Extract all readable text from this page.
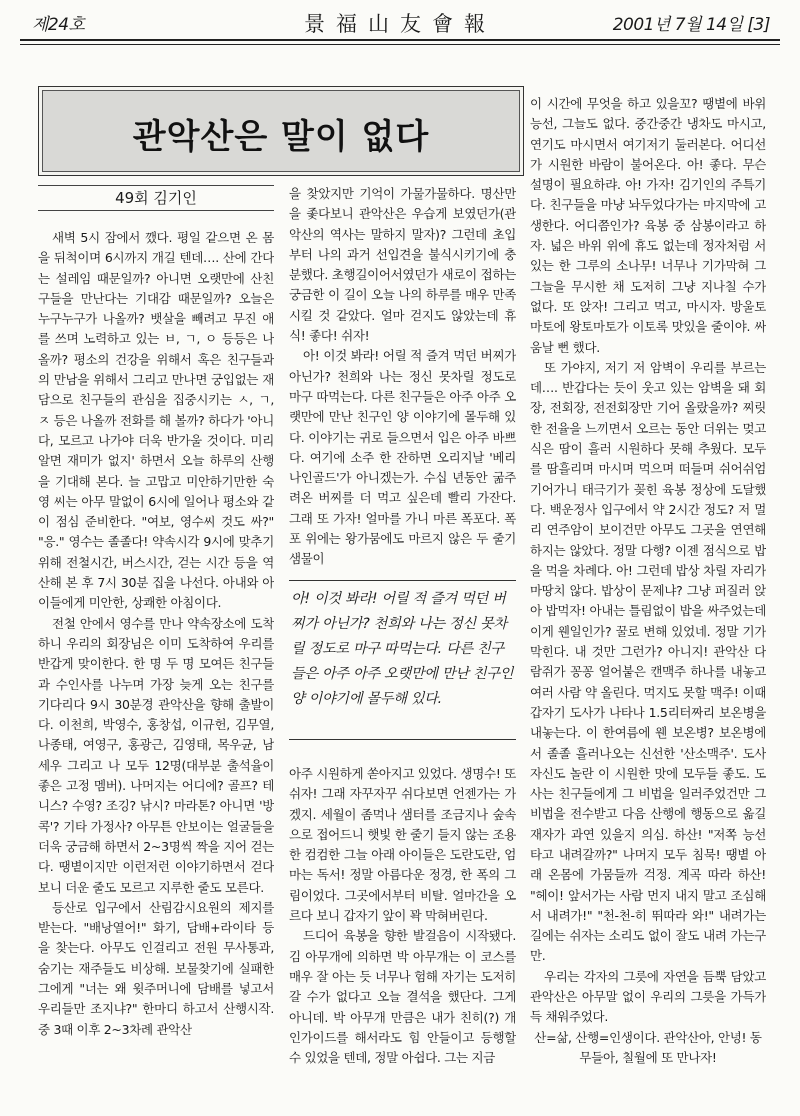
제24호	景福山友會報	2001년 7월 14일 [3]
관악산은 말이 없다
49회 김기인

새벽 5시 잠에서 깼다. 평일 같으면 온 몸을 뒤척이며 6시까지 개길 텐데…. 산에 간다는 설레임 때문일까? 아니면 오랫만에 산친구들을 만난다는 기대감 때문일까? 오늘은 누구누구가 나올까? 뱃살을 빼려고 무진 애를 쓰며 노력하고 있는 ㅂ, ㄱ, ㅇ 등등은 나올까? 평소의 건강을 위해서 혹은 친구들과의 만남을 위해서 그리고 만나면 궁입없는 재담으로 친구들의 관심을 집중시키는 ㅅ, ㄱ, ㅈ 등은 나올까 전화를 해 볼까? 하다가 '아니다, 모르고 나가야 더욱 반가울 것이다. 미리알면 재미가 없지' 하면서 오늘 하루의 산행을 기대해 본다. 늘 고맙고 미안하기만한 숙영 씨는 아무 말없이 6시에 일어나 평소와 같이 점심 준비한다. "여보, 영수씨 것도 싸?" "응." 영수는 졸졸다! 약속시각 9시에 맞추기 위해 전철시간, 버스시간, 걷는 시간 등을 역산해 본 후 7시 30분 집을 나선다. 아내와 아이들에게 미안한, 상쾌한 아침이다.

전철 안에서 영수를 만나 약속장소에 도착하니 우리의 회장님은 이미 도착하여 우리를 반갑게 맞이한다. 한 명 두 명 모여든 친구들과 수인사를 나누며 가장 늦게 오는 친구를 기다리다 9시 30분경 관악산을 향해 출발이다. 이천희, 박영수, 홍창섭, 이규헌, 김무열, 나종태, 여영구, 홍광근, 김영태, 목우균, 남세우 그리고 나 모두 12명(대부분 출석율이 좋은 고정 멤버). 나머지는 어디에? 골프? 테니스? 수영? 조깅? 낚시? 마라톤? 아니면 '방콕'? 기타 가정사? 아무튼 안보이는 얼굴들을 더욱 궁금해 하면서 2~3명씩 짝을 지어 걷는다. 땡볕이지만 이런저런 이야기하면서 걷다보니 더운 줄도 모르고 지루한 줄도 모른다.

등산로 입구에서 산림감시요원의 제지를 받는다. "배낭열어!" 화기, 담배+라이타 등을 찾는다. 아무도 인걸리고 전원 무사통과, 숨기는 재주들도 비상해. 보물찾기에 실패한 그에게 "너는 왜 윗주머니에 담배를 넣고서 우리들만 조지냐?" 한마디 하고서 산행시작. 중 3때 이후 2~3차례 관악산

을 찾았지만 기억이 가물가물하다. 명산만을 좇다보니 관악산은 우습게 보였던가(관악산의 역사는 말하지 말자)? 그런데 초입부터 나의 과거 선입견을 불식시키기에 충분했다. 초행길이어서였던가 새로이 접하는 궁금한 이 길이 오늘 나의 하루를 매우 만족시킬 것 같았다. 얼마 걷지도 않았는데 휴식! 좋다! 쉬자!

아! 이것 봐라! 어릴 적 즐겨 먹던 버찌가 아닌가? 천희와 나는 정신 못차릴 정도로 마구 따먹는다. 다른 친구들은 아주 아주 오랫만에 만난 친구인 양 이야기에 몰두해 있다. 이야기는 귀로 들으면서 입은 아주 바쁘다. 여기에 소주 한 잔하면 오리지날 '베리나인골드'가 아니겠는가. 수십 년동안 굶주려온 버찌를 더 먹고 싶은데 빨리 가잔다. 그래 또 가자! 얼마를 가니 마른 폭포다. 폭포 위에는 왕가뭄에도 마르지 않은 두 줄기 샘물이

아! 이것 봐라! 어릴 적 즐겨 먹던 버찌가 아닌가? 천희와 나는 정신 못차릴 정도로 마구 따먹는다. 다른 친구들은 아주 아주 오랫만에 만난 친구인 양 이야기에 몰두해 있다.

아주 시원하게 쏟아지고 있었다. 생명수! 또 쉬자! 그래 자꾸자꾸 쉬다보면 언젠가는 가겠지. 세월이 좀먹나 샘터를 조금지나 숲속으로 접어드니 햇빛 한 줄기 들지 않는 조용한 컴컴한 그늘 아래 아이들은 도란도란, 엄마는 독서! 정말 아름다운 정경, 한 폭의 그림이었다. 그곳에서부터 비탈. 얼마간을 오르다 보니 갑자기 앞이 꽉 막혀버린다.

드디어 육봉을 향한 발걸음이 시작됐다. 김 아무개에 의하면 박 아무개는 이 코스를 매우 잘 아는 듯 너무나 험해 자기는 도저히 갈 수가 없다고 오늘 결석을 했단다. 그게 아니데. 박 아무개 만큼은 내가 친히(?) 개인가이드를 해서라도 힘 안들이고 등행할 수 있었을 텐데, 정말 아쉽다. 그는 지금

이 시간에 무엇을 하고 있을꼬? 땡볕에 바위능선, 그늘도 없다. 중간중간 냉차도 마시고, 연기도 마시면서 여기저기 둘러본다. 어디선가 시원한 바람이 불어온다. 아! 좋다. 무슨 설명이 필요하랴. 아! 가자! 김기인의 주특기다. 친구들을 마냥 놔두었다가는 마지막에 고생한다. 어디쯤인가? 육봉 중 삼봉이라고 하자. 넓은 바위 위에 휴도 없는데 정자처럼 서 있는 한 그루의 소나무! 너무나 기가막혀 그 그늘을 무시한 채 도저히 그냥 지나칠 수가 없다. 또 앉자! 그리고 먹고, 마시자. 방울토마토에 왕토마토가 이토록 맛있을 줄이야. 싸움날 뻔 했다.

또 가야지, 저기 저 암벽이 우리를 부르는데…. 반갑다는 듯이 웃고 있는 암벽을 돼 회장, 전회장, 전전회장만 기어 올랐을까? 찌릿한 전율을 느끼면서 오르는 동안 더위는 멎고 식은 땀이 흘러 시원하다 못해 추웠다. 모두를 땀흘리며 마시며 먹으며 떠들며 쉬어쉬엄 기어가니 태극기가 꽂힌 육봉 정상에 도달했다. 백운정사 입구에서 약 2시간 정도? 저 멀리 연주암이 보이건만 아무도 그곳을 연연해 하지는 않았다. 정말 다행? 이젠 점식으로 밥을 먹을 차례다. 아! 그런데 밥상 차릴 자리가 마땅치 않다. 밥상이 문제냐? 그냥 퍼질러 앉아 밥먹자! 아내는 틀림없이 밥을 싸주었는데 이게 웬일인가? 꿀로 변해 있었네. 정말 기가막힌다. 내 것만 그런가? 아니지! 관악산 다람쥐가 꽁꽁 얼어붙은 캔맥주 하나를 내놓고 여러 사람 약 올린다. 먹지도 못할 맥주! 이때 갑자기 도사가 나타나 1.5리터짜리 보온병을 내놓는다. 이 한여름에 웬 보온병? 보온병에서 졸졸 흘러나오는 신선한 '산소맥주'. 도사 자신도 놀란 이 시원한 맛에 모두들 좋도. 도사는 친구들에게 그 비법을 일러주었건만 그 비법을 전수받고 다음 산행에 행동으로 옮길 재자가 과연 있을지 의심. 하산! "저쪽 능선타고 내려갈까?" 나머지 모두 침묵! 땡볕 아래 온몸에 가뭄들까 걱정. 계곡 따라 하산! "헤이! 앞서가는 사람 먼지 내지 말고 조심해서 내려가!" "천-천-히 뛰따라 와!" 내려가는 길에는 쉬자는 소리도 없이 잘도 내려 가는구만.

우리는 각자의 그릇에 자연을 듬뿍 담았고 관악산은 아무말 없이 우리의 그릇을 가득가득 채워주었다.

산=삶, 산행=인생이다. 관악산아, 안녕! 동무들아, 칠월에 또 만나자!
